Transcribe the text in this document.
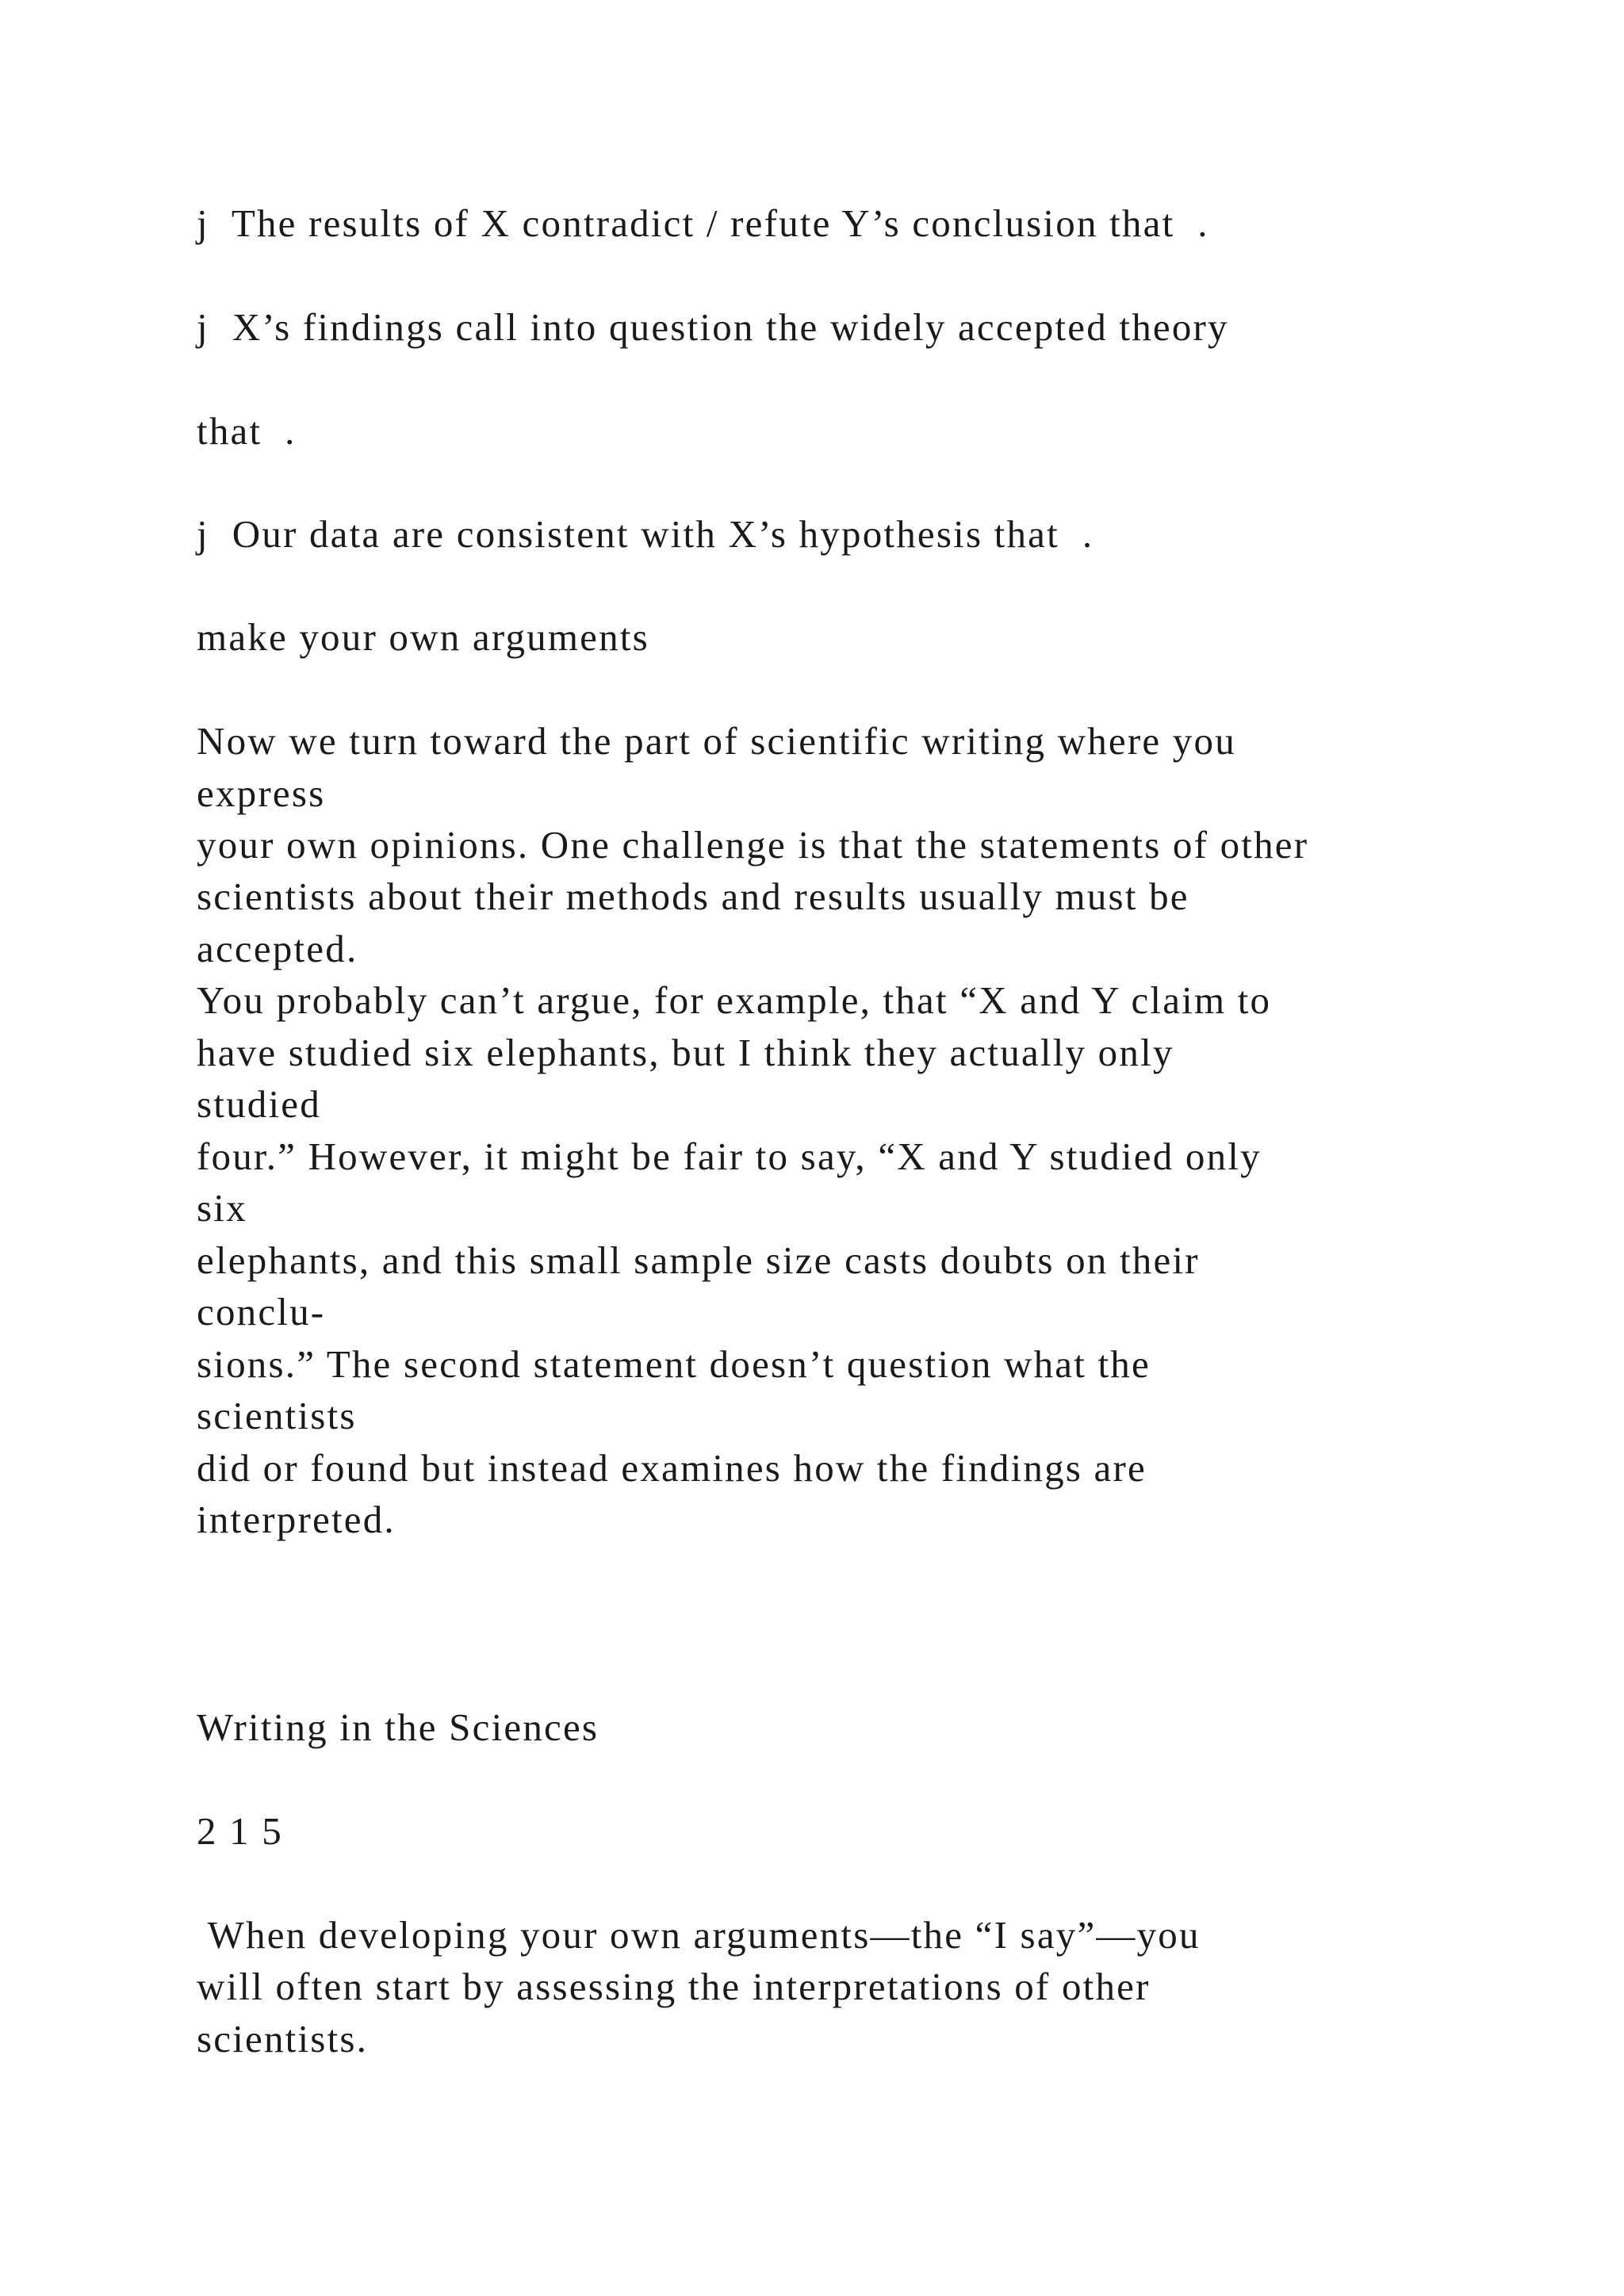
j  The results of X contradict / refute Y’s conclusion that  .

j  X’s findings call into question the widely accepted theory

that  .

j  Our data are consistent with X’s hypothesis that  .

make your own arguments

Now we turn toward the part of scientific writing where you

express

your own opinions. One challenge is that the statements of other

scientists about their methods and results usually must be

accepted.

You probably can’t argue, for example, that “X and Y claim to

have studied six elephants, but I think they actually only

studied

four.” However, it might be fair to say, “X and Y studied only

six

elephants, and this small sample size casts doubts on their

conclu-

sions.” The second statement doesn’t question what the

scientists

did or found but instead examines how the findings are

interpreted.

Writing in the Sciences

2 1 5

When developing your own arguments—the “I say”—you

will often start by assessing the interpretations of other

scientists.
